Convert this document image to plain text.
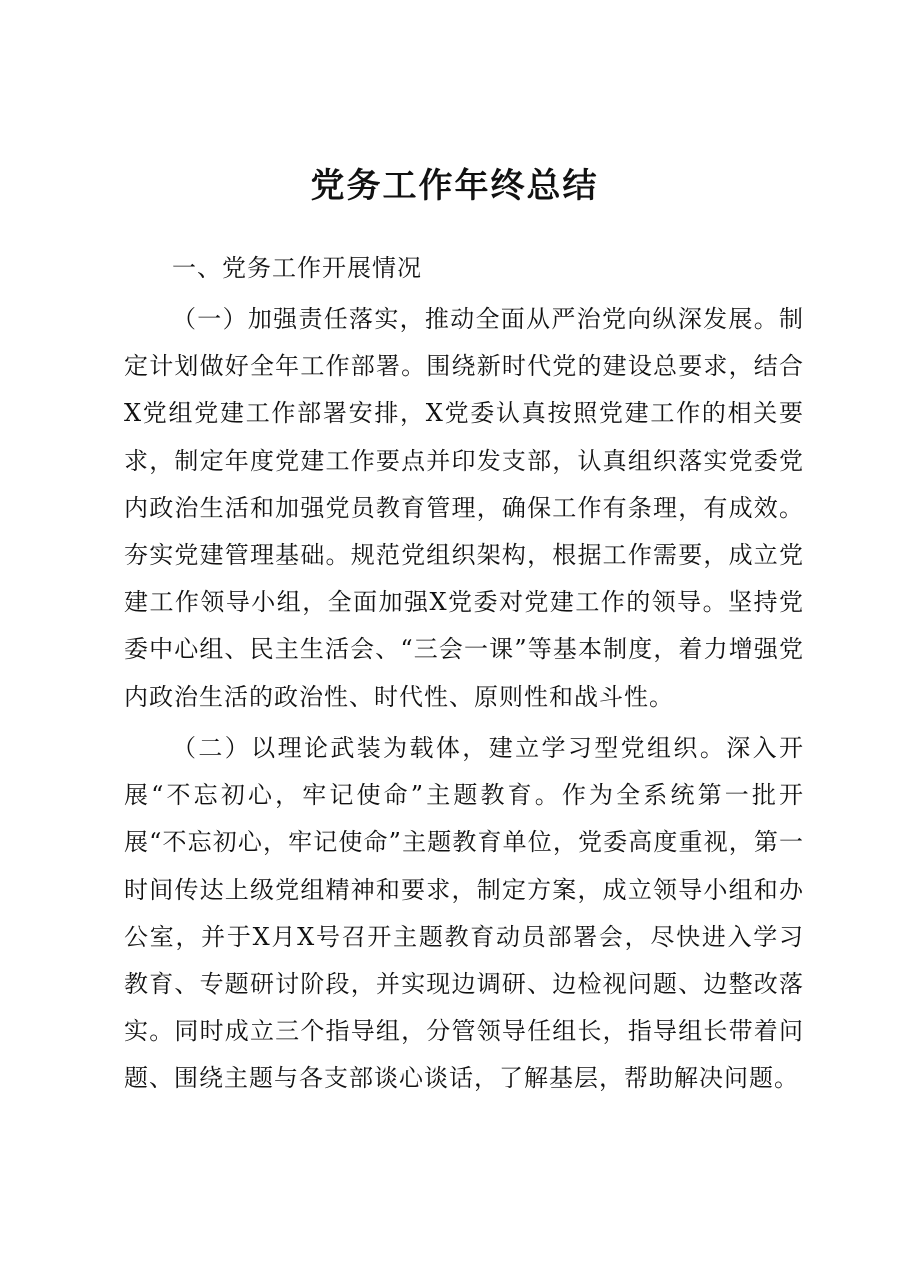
党务工作年终总结
一、党务工作开展情况

（一）加强责任落实，推动全面从严治党向纵深发展。制定计划做好全年工作部署。围绕新时代党的建设总要求，结合X党组党建工作部署安排，X党委认真按照党建工作的相关要求，制定年度党建工作要点并印发支部，认真组织落实党委党内政治生活和加强党员教育管理，确保工作有条理，有成效。夯实党建管理基础。规范党组织架构，根据工作需要，成立党建工作领导小组，全面加强X党委对党建工作的领导。坚持党委中心组、民主生活会、“三会一课”等基本制度，着力增强党内政治生活的政治性、时代性、原则性和战斗性。

（二）以理论武装为载体，建立学习型党组织。深入开展“不忘初心，牢记使命”主题教育。作为全系统第一批开展“不忘初心，牢记使命”主题教育单位，党委高度重视，第一时间传达上级党组精神和要求，制定方案，成立领导小组和办公室，并于X月X号召开主题教育动员部署会，尽快进入学习教育、专题研讨阶段，并实现边调研、边检视问题、边整改落实。同时成立三个指导组，分管领导任组长，指导组长带着问题、围绕主题与各支部谈心谈话，了解基层，帮助解决问题。
